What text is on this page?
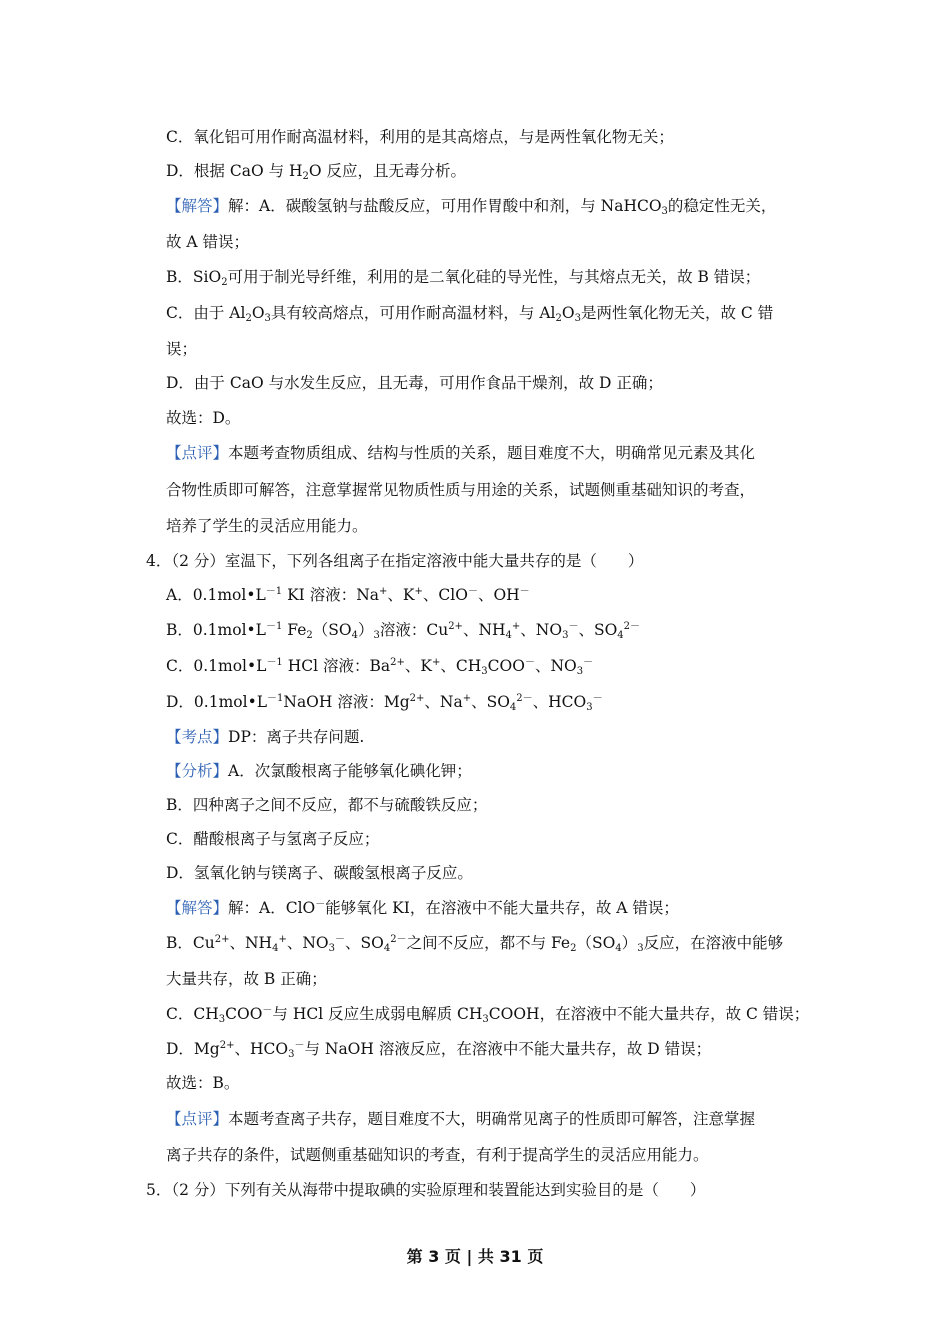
C．氧化铝可用作耐高温材料，利用的是其高熔点，与是两性氧化物无关；
D．根据 CaO 与 $H_2O$ 反应，且无毒分析。
【解答】解：A．碳酸氢钠与盐酸反应，可用作胃酸中和剂，与 NaHCO$_3$的稳定性无关，
故 A 错误；
B．SiO$_2$可用于制光导纤维，利用的是二氧化硅的导光性，与其熔点无关，故 B 错误；
C．由于 $Al_2O_3$具有较高熔点，可用作耐高温材料，与 $Al_2O_3$是两性氧化物无关，故 C 错
误；
D．由于 CaO 与水发生反应，且无毒，可用作食品干燥剂，故 D 正确；
故选：D。
【点评】本题考查物质组成、结构与性质的关系，题目难度不大，明确常见元素及其化
合物性质即可解答，注意掌握常见物质性质与用途的关系，试题侧重基础知识的考查，
培养了学生的灵活应用能力。
4．（2 分）室温下，下列各组离子在指定溶液中能大量共存的是（　　）
A．$0.1mol•L^{-1}$ KI 溶液：Na+、K+、ClO－、OH－
B．$0.1mol•L^{-1}$ $Fe_2(SO_4)_3$溶液：$Cu^{2+}$、$NH_4^+$、$NO_3^-$、$SO_4^{2-}$
C．$0.1mol•L^{-1}$ HCl 溶液：$Ba^{2+}$、K+、$CH_3COO^-$、$NO_3^-$
D．$0.1mol•L^{-1}NaOH$ 溶液：$Mg^{2+}$、Na+、$SO_4^{2-}$、$HCO_3^-$
【考点】DP：离子共存问题.
【分析】A．次氯酸根离子能够氧化碘化钾；
B．四种离子之间不反应，都不与硫酸铁反应；
C．醋酸根离子与氢离子反应；
D．氢氧化钠与镁离子、碳酸氢根离子反应。
【解答】解：A．ClO－能够氧化 KI，在溶液中不能大量共存，故 A 错误；
B．$Cu^{2+}$、$NH_4^+$、$NO_3^-$、$SO_4^{2-}$之间不反应，都不与 $Fe_2(SO_4)_3$反应，在溶液中能够
大量共存，故 B 正确；
C．$CH_3COO^-$与 HCl 反应生成弱电解质 $CH_3COOH$，在溶液中不能大量共存，故 C 错误；
D．$Mg^{2+}$、$HCO_3^-$与 NaOH 溶液反应，在溶液中不能大量共存，故 D 错误；
故选：B。
【点评】本题考查离子共存，题目难度不大，明确常见离子的性质即可解答，注意掌握
离子共存的条件，试题侧重基础知识的考查，有利于提高学生的灵活应用能力。
5．（2 分）下列有关从海带中提取碘的实验原理和装置能达到实验目的是（　　）
第 3 页 | 共 31 页
